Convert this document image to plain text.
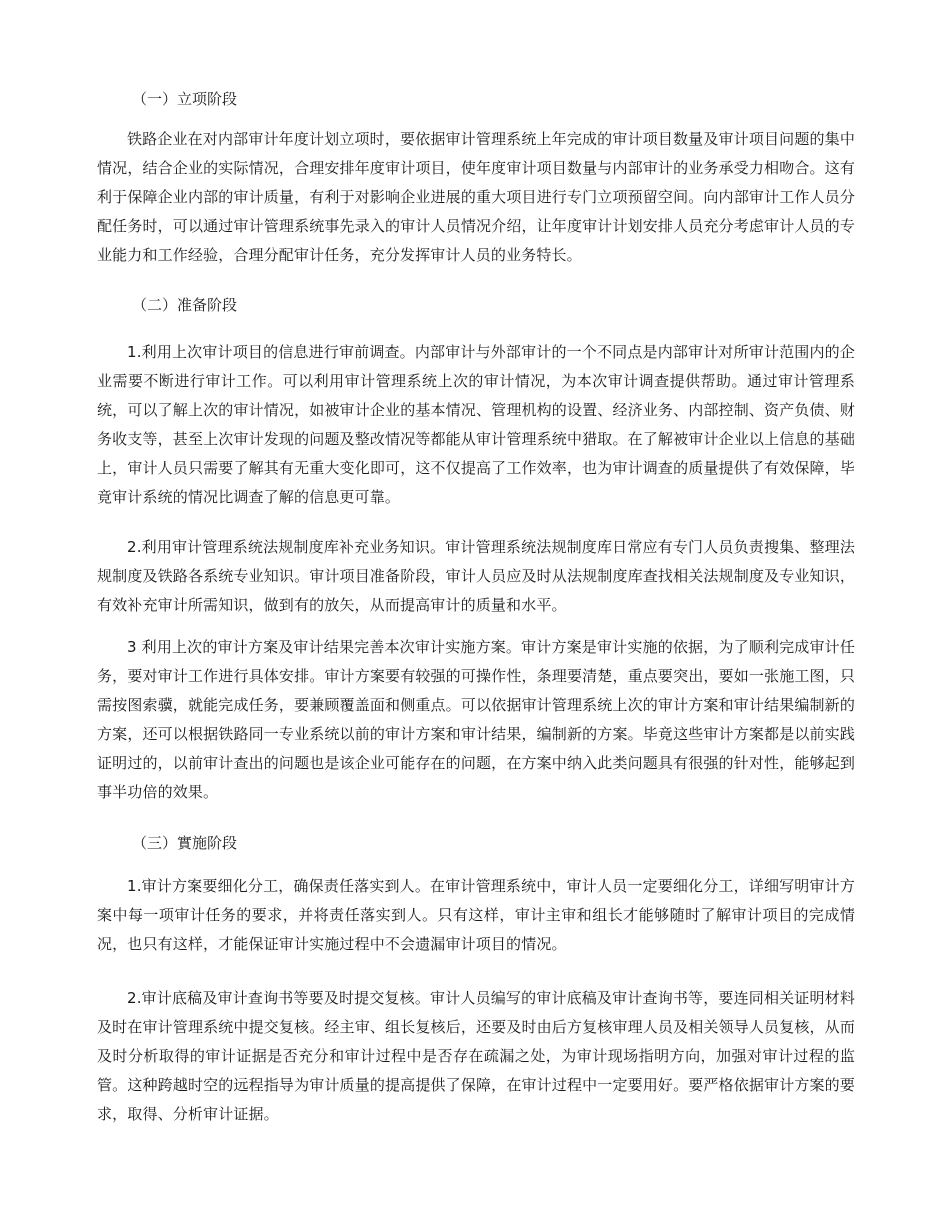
（一）立项阶段

铁路企业在对内部审计年度计划立项时，要依据审计管理系统上年完成的审计项目数量及审计项目问题的集中情况，结合企业的实际情况，合理安排年度审计项目，使年度审计项目数量与内部审计的业务承受力相吻合。这有利于保障企业内部的审计质量，有利于对影响企业进展的重大项目进行专门立项预留空间。向内部审计工作人员分配任务时，可以通过审计管理系统事先录入的审计人员情况介绍，让年度审计计划安排人员充分考虑审计人员的专业能力和工作经验，合理分配审计任务，充分发挥审计人员的业务特长。

（二）准备阶段

1.利用上次审计项目的信息进行审前调查。内部审计与外部审计的一个不同点是内部审计对所审计范围内的企业需要不断进行审计工作。可以利用审计管理系统上次的审计情况，为本次审计调查提供帮助。通过审计管理系统，可以了解上次的审计情况，如被审计企业的基本情况、管理机构的设置、经济业务、内部控制、资产负债、财务收支等，甚至上次审计发现的问题及整改情况等都能从审计管理系统中猎取。在了解被审计企业以上信息的基础上，审计人员只需要了解其有无重大变化即可，这不仅提高了工作效率，也为审计调查的质量提供了有效保障，毕竟审计系统的情况比调查了解的信息更可靠。

2.利用审计管理系统法规制度库补充业务知识。审计管理系统法规制度库日常应有专门人员负责搜集、整理法规制度及铁路各系统专业知识。审计项目准备阶段，审计人员应及时从法规制度库查找相关法规制度及专业知识，有效补充审计所需知识，做到有的放矢，从而提高审计的质量和水平。

3 利用上次的审计方案及审计结果完善本次审计实施方案。审计方案是审计实施的依据，为了顺利完成审计任务，要对审计工作进行具体安排。审计方案要有较强的可操作性，条理要清楚，重点要突出，要如一张施工图，只需按图索骥，就能完成任务，要兼顾覆盖面和侧重点。可以依据审计管理系统上次的审计方案和审计结果编制新的方案，还可以根据铁路同一专业系统以前的审计方案和审计结果，编制新的方案。毕竟这些审计方案都是以前实践证明过的，以前审计查出的问题也是该企业可能存在的问题，在方案中纳入此类问题具有很强的针对性，能够起到事半功倍的效果。

（三）實施阶段

1.审计方案要细化分工，确保责任落实到人。在审计管理系统中，审计人员一定要细化分工，详细写明审计方案中每一项审计任务的要求，并将责任落实到人。只有这样，审计主审和组长才能够随时了解审计项目的完成情况，也只有这样，才能保证审计实施过程中不会遗漏审计项目的情况。

2.审计底稿及审计查询书等要及时提交复核。审计人员编写的审计底稿及审计查询书等，要连同相关证明材料及时在审计管理系统中提交复核。经主审、组长复核后，还要及时由后方复核审理人员及相关领导人员复核，从而及时分析取得的审计证据是否充分和审计过程中是否存在疏漏之处，为审计现场指明方向，加强对审计过程的监管。这种跨越时空的远程指导为审计质量的提高提供了保障，在审计过程中一定要用好。要严格依据审计方案的要求，取得、分析审计证据。
